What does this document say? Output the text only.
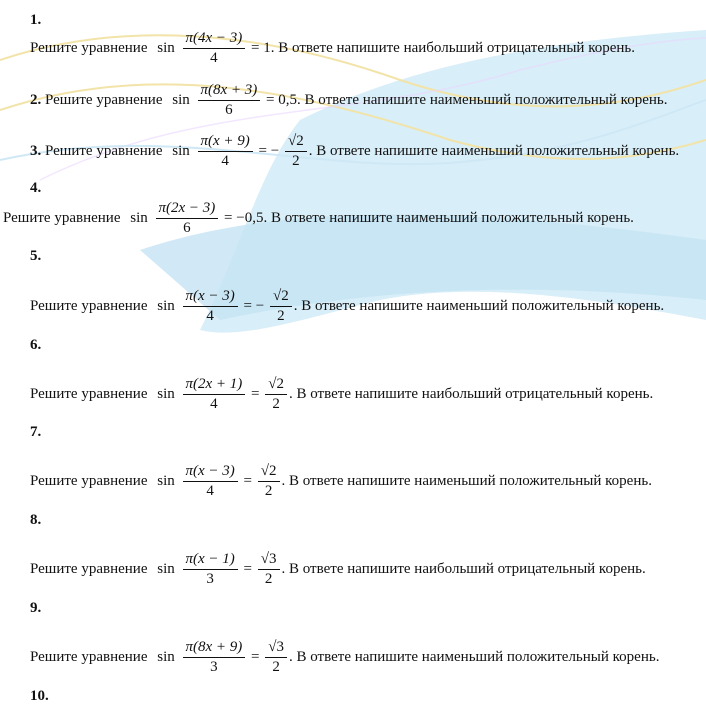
1.
Решите уравнение $\sin \frac{\pi(4x - 3)}{4} = 1$. В ответе напишите наибольший отрицательный корень.
2. Решите уравнение $\sin \frac{\pi(8x + 3)}{6} = 0,5$. В ответе напишите наименьший положительный корень.
3. Решите уравнение $\sin \frac{\pi(x + 9)}{4}$ = − $\frac{√2}{2}$ . В ответе напишите наименьший положительный корень.
4.
Решите уравнение $\sin \frac{\pi(2x - 3)}{6} = -0,5$. В ответе напишите наименьший положительный корень.
5.
Решите уравнение $\sin \frac{\pi(x - 3)}{4}$ = − $\frac{√2}{2}$ . В ответе напишите наименьший положительный корень.
6.
Решите уравнение $\sin \frac{\pi(2x + 1)}{4} = \frac{√2}{2}$ . В ответе напишите наибольший отрицательный корень.
7.
Решите уравнение $\sin \frac{\pi(x - 3)}{4} = \frac{√2}{2}$ . В ответе напишите наименьший положительный корень.
8.
Решите уравнение $\sin \frac{\pi(x - 1)}{3} = \frac{√3}{2}$ . В ответе напишите наибольший отрицательный корень.
9.
Решите уравнение $\sin \frac{\pi(8x + 9)}{3} = \frac{√3}{2}$ . В ответе напишите наименьший положительный корень.
10.
